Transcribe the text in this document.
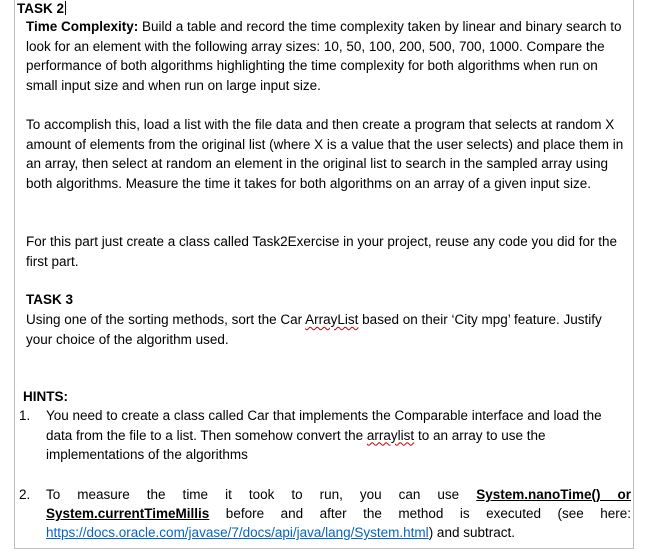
TASK 2

Time Complexity: Build a table and record the time complexity taken by linear and binary search to look for an element with the following array sizes: 10, 50, 100, 200, 500, 700, 1000. Compare the performance of both algorithms highlighting the time complexity for both algorithms when run on small input size and when run on large input size.

To accomplish this, load a list with the file data and then create a program that selects at random X amount of elements from the original list (where X is a value that the user selects) and place them in an array, then select at random an element in the original list to search in the sampled array using both algorithms. Measure the time it takes for both algorithms on an array of a given input size.

For this part just create a class called Task2Exercise in your project, reuse any code you did for the first part.

TASK 3

Using one of the sorting methods, sort the Car ArrayList based on their ‘City mpg’ feature. Justify your choice of the algorithm used.

HINTS:
1.	You need to create a class called Car that implements the Comparable interface and load the data from the file to a list. Then somehow convert the arraylist to an array to use the implementations of the algorithms
2.	To measure the time it took to run, you can use System.nanoTime() or System.currentTimeMillis before and after the method is executed (see here: https://docs.oracle.com/javase/7/docs/api/java/lang/System.html) and subtract.
